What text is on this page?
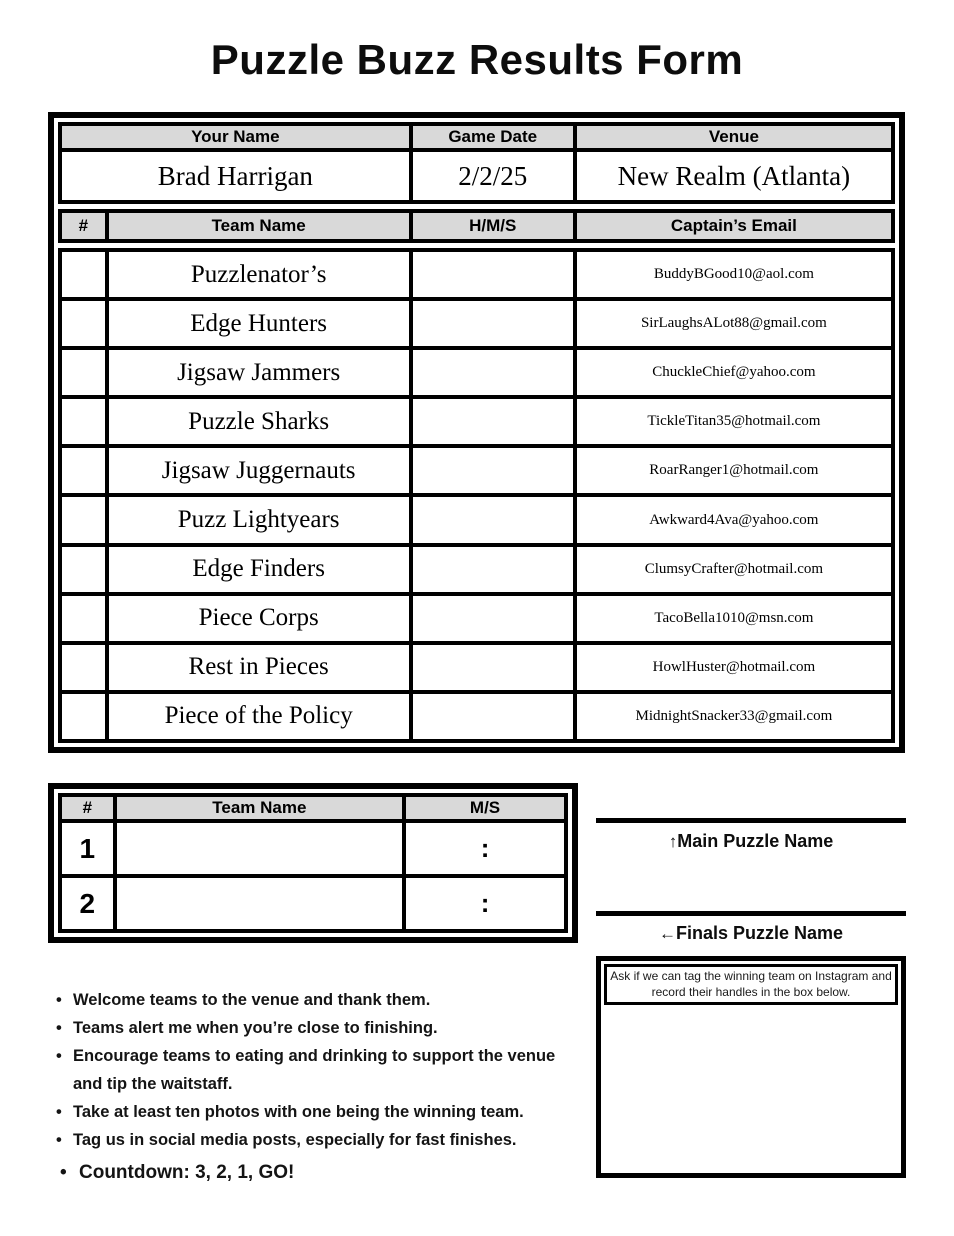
Puzzle Buzz Results Form
Your Name	Game Date	Venue
Brad Harrigan	2/2/25	New Realm (Atlanta)
#	Team Name	H/M/S	Captain’s Email
	Puzzlenator’s		BuddyBGood10@aol.com
	Edge Hunters		SirLaughsALot88@gmail.com
	Jigsaw Jammers		ChuckleChief@yahoo.com
	Puzzle Sharks		TickleTitan35@hotmail.com
	Jigsaw Juggernauts		RoarRanger1@hotmail.com
	Puzz Lightyears		Awkward4Ava@yahoo.com
	Edge Finders		ClumsyCrafter@hotmail.com
	Piece Corps		TacoBella1010@msn.com
	Rest in Pieces		HowlHuster@hotmail.com
	Piece of the Policy		MidnightSnacker33@gmail.com
#	Team Name	M/S
1		:
2		:
↑Main Puzzle Name
←Finals Puzzle Name
Ask if we can tag the winning team on Instagram and record their handles in the box below.
• Welcome teams to the venue and thank them.
• Teams alert me when you’re close to finishing.
• Encourage teams to eating and drinking to support the venue and tip the waitstaff.
• Take at least ten photos with one being the winning team.
• Tag us in social media posts, especially for fast finishes.
• Countdown: 3, 2, 1, GO!
